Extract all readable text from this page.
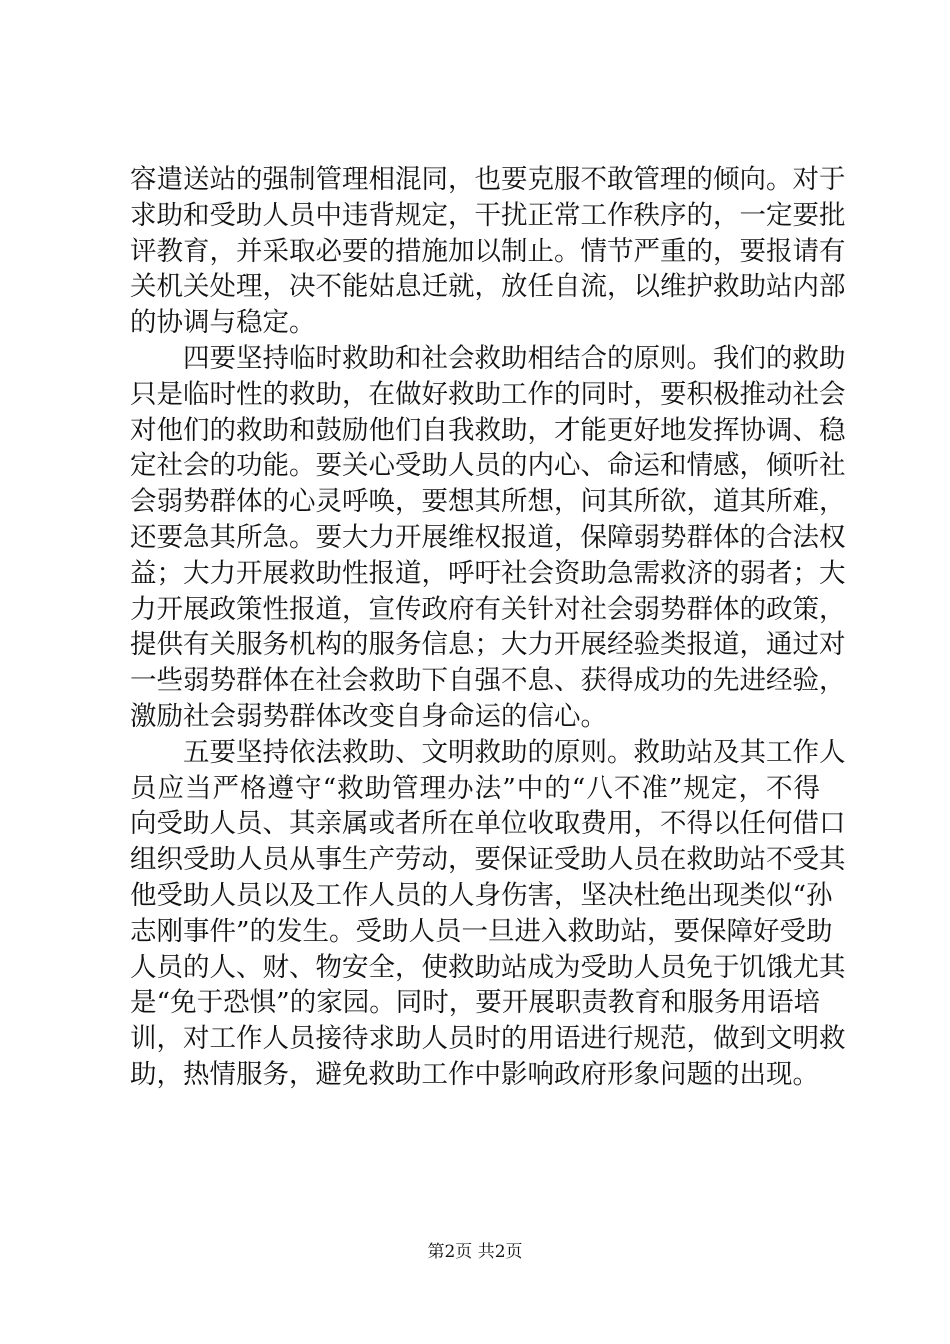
容遣送站的强制管理相混同，也要克服不敢管理的倾向。对于
求助和受助人员中违背规定，干扰正常工作秩序的，一定要批
评教育，并采取必要的措施加以制止。情节严重的，要报请有
关机关处理，决不能姑息迁就，放任自流，以维护救助站内部
的协调与稳定。
四要坚持临时救助和社会救助相结合的原则。我们的救助
只是临时性的救助，在做好救助工作的同时，要积极推动社会
对他们的救助和鼓励他们自我救助，才能更好地发挥协调、稳
定社会的功能。要关心受助人员的内心、命运和情感，倾听社
会弱势群体的心灵呼唤，要想其所想，问其所欲，道其所难，
还要急其所急。要大力开展维权报道，保障弱势群体的合法权
益；大力开展救助性报道，呼吁社会资助急需救济的弱者；大
力开展政策性报道，宣传政府有关针对社会弱势群体的政策，
提供有关服务机构的服务信息；大力开展经验类报道，通过对
一些弱势群体在社会救助下自强不息、获得成功的先进经验，
激励社会弱势群体改变自身命运的信心。
五要坚持依法救助、文明救助的原则。救助站及其工作人
员应当严格遵守“救助管理办法”中的“八不准”规定，不得
向受助人员、其亲属或者所在单位收取费用，不得以任何借口
组织受助人员从事生产劳动，要保证受助人员在救助站不受其
他受助人员以及工作人员的人身伤害，坚决杜绝出现类似“孙
志刚事件”的发生。受助人员一旦进入救助站，要保障好受助
人员的人、财、物安全，使救助站成为受助人员免于饥饿尤其
是“免于恐惧”的家园。同时，要开展职责教育和服务用语培
训，对工作人员接待求助人员时的用语进行规范，做到文明救
助，热情服务，避免救助工作中影响政府形象问题的出现。
第2页 共2页
